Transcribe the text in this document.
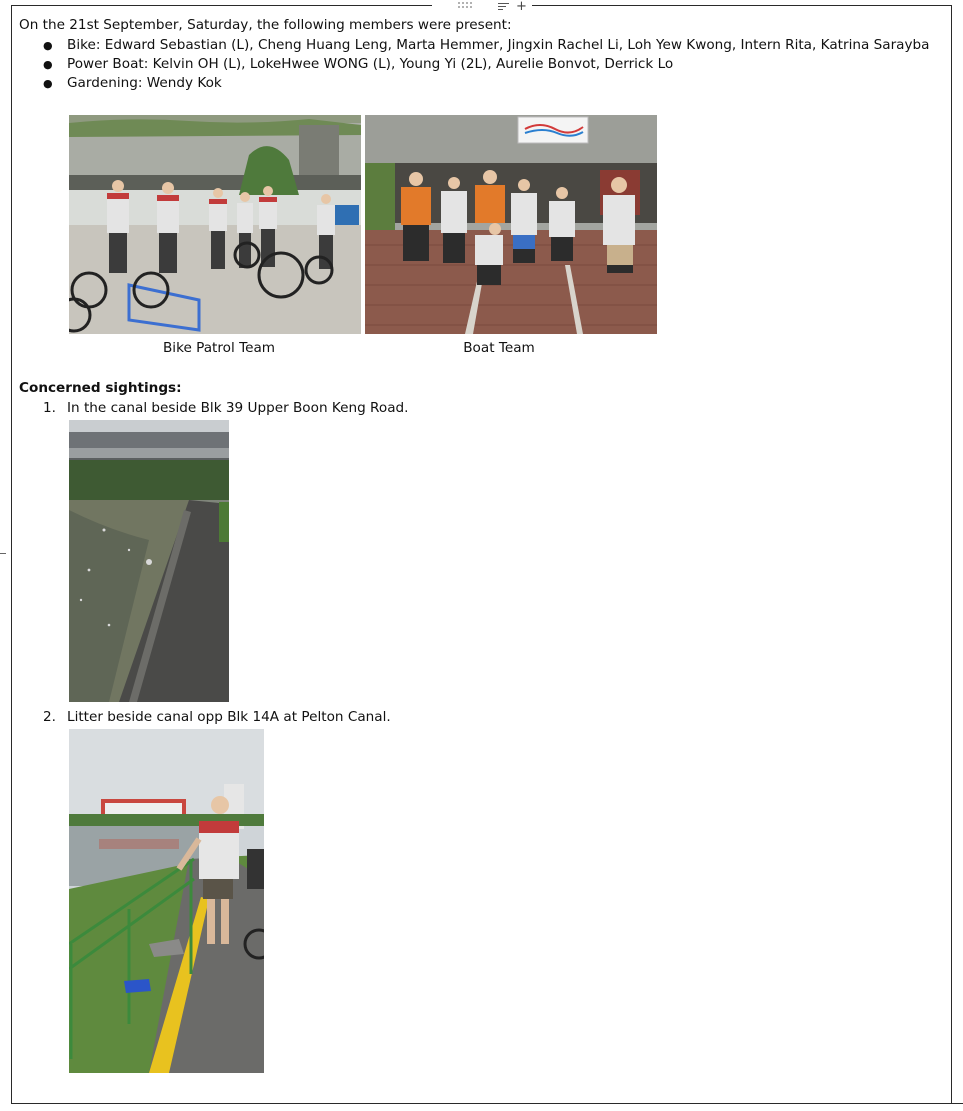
+
On the 21st September, Saturday, the following members were present:
● Bike: Edward Sebastian (L), Cheng Huang Leng, Marta Hemmer, Jingxin Rachel Li, Loh Yew Kwong, Intern Rita, Katrina Sarayba
● Power Boat: Kelvin OH (L), LokeHwee WONG (L), Young Yi (2L), Aurelie Bonvot, Derrick Lo
● Gardening: Wendy Kok
Bike Patrol Team	Boat Team
Concerned sightings:
1. In the canal beside Blk 39 Upper Boon Keng Road.
2. Litter beside canal opp Blk 14A at Pelton Canal.
